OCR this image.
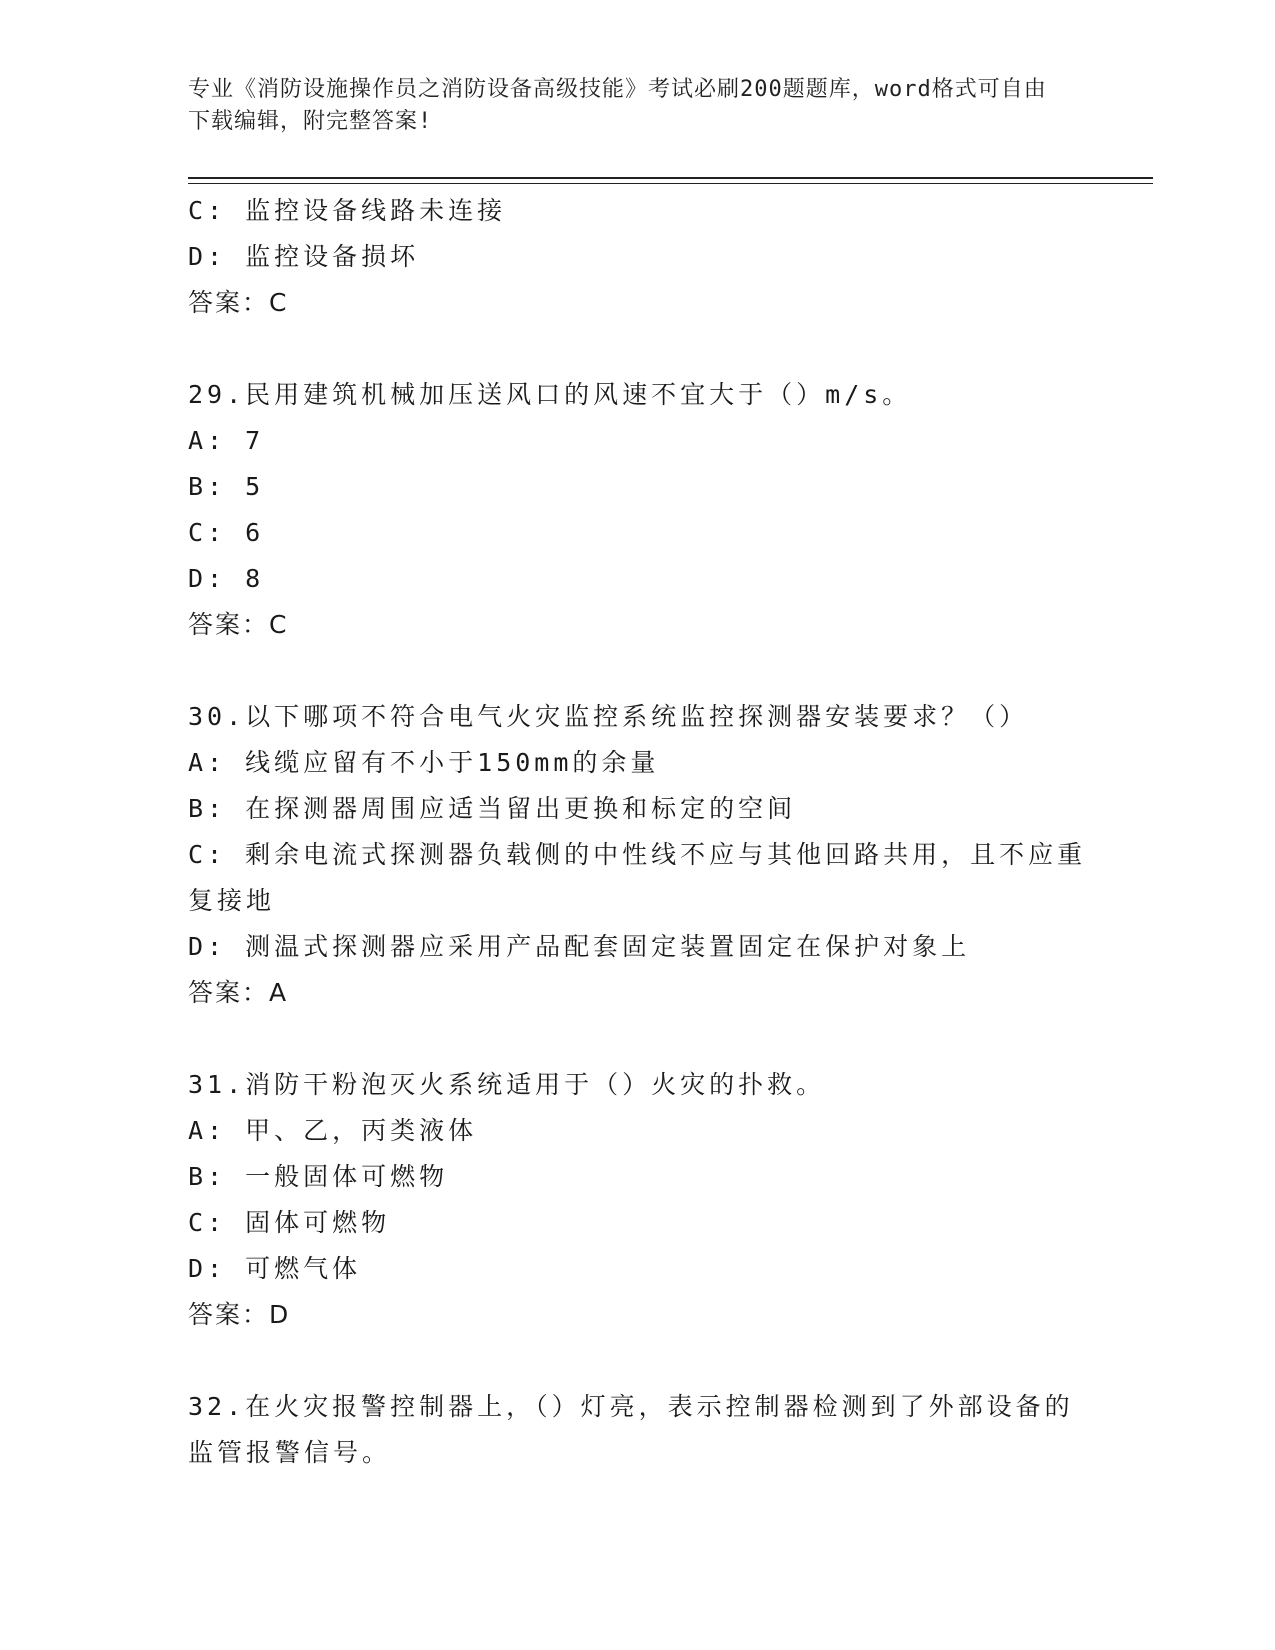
专业《消防设施操作员之消防设备高级技能》考试必刷200题题库，word格式可自由下载编辑，附完整答案!
C: 监控设备线路未连接
D: 监控设备损坏
答案：C
29.民用建筑机械加压送风口的风速不宜大于（）m/s。
A: 7
B: 5
C: 6
D: 8
答案：C
30.以下哪项不符合电气火灾监控系统监控探测器安装要求？（）
A: 线缆应留有不小于150mm的余量
B: 在探测器周围应适当留出更换和标定的空间
C: 剩余电流式探测器负载侧的中性线不应与其他回路共用，且不应重复接地
D: 测温式探测器应采用产品配套固定装置固定在保护对象上
答案：A
31.消防干粉泡灭火系统适用于（）火灾的扑救。
A: 甲、乙，丙类液体
B: 一般固体可燃物
C: 固体可燃物
D: 可燃气体
答案：D
32.在火灾报警控制器上，（）灯亮，表示控制器检测到了外部设备的监管报警信号。
